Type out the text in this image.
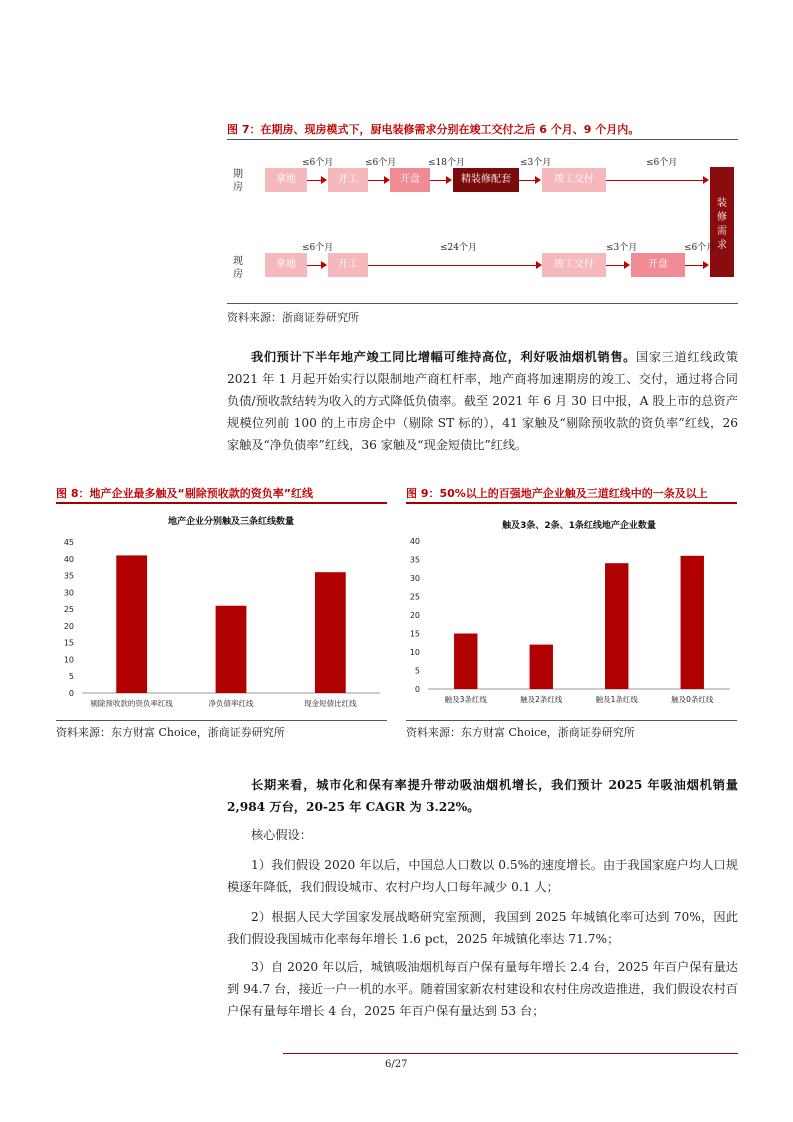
图 7：在期房、现房模式下，厨电装修需求分别在竣工交付之后 6 个月、9 个月内。
期房
现房
≤6个月	≤6个月	≤18个月	≤3个月	≤6个月
拿地	开工	开盘	精装修配套	竣工交付
装修需求
≤6个月	≤24个月	≤3个月	≤6个月
拿地	开工	竣工交付	开盘
资料来源：浙商证券研究所
我们预计下半年地产竣工同比增幅可维持高位，利好吸油烟机销售。国家三道红线政策 2021 年 1 月起开始实行以限制地产商杠杆率，地产商将加速期房的竣工、交付，通过将合同负债/预收款结转为收入的方式降低负债率。截至 2021 年 6 月 30 日中报，A 股上市的总资产规模位列前 100 的上市房企中（剔除 ST 标的），41 家触及“剔除预收款的资负率”红线，26 家触及“净负债率”红线，36 家触及“现金短债比”红线。
图 8：地产企业最多触及“剔除预收款的资负率”红线
地产企业分别触及三条红线数量
0
5
10
15
20
25
30
35
40
45
剔除预收款的资负率红线	净负债率红线	现金短债比红线
资料来源：东方财富 Choice，浙商证券研究所
图 9：50%以上的百强地产企业触及三道红线中的一条及以上
触及3条、2条、1条红线地产企业数量
0
5
10
15
20
25
30
35
40
触及3条红线	触及2条红线	触及1条红线	触及0条红线
资料来源：东方财富 Choice，浙商证券研究所
长期来看，城市化和保有率提升带动吸油烟机增长，我们预计 2025 年吸油烟机销量 2,984 万台，20-25 年 CAGR 为 3.22%。
核心假设：
1）我们假设 2020 年以后，中国总人口数以 0.5%的速度增长。由于我国家庭户均人口规模逐年降低，我们假设城市、农村户均人口每年减少 0.1 人；
2）根据人民大学国家发展战略研究室预测，我国到 2025 年城镇化率可达到 70%，因此我们假设我国城市化率每年增长 1.6 pct，2025 年城镇化率达 71.7%；
3）自 2020 年以后，城镇吸油烟机每百户保有量每年增长 2.4 台，2025 年百户保有量达到 94.7 台，接近一户一机的水平。随着国家新农村建设和农村住房改造推进，我们假设农村百户保有量每年增长 4 台，2025 年百户保有量达到 53 台；
6/27
